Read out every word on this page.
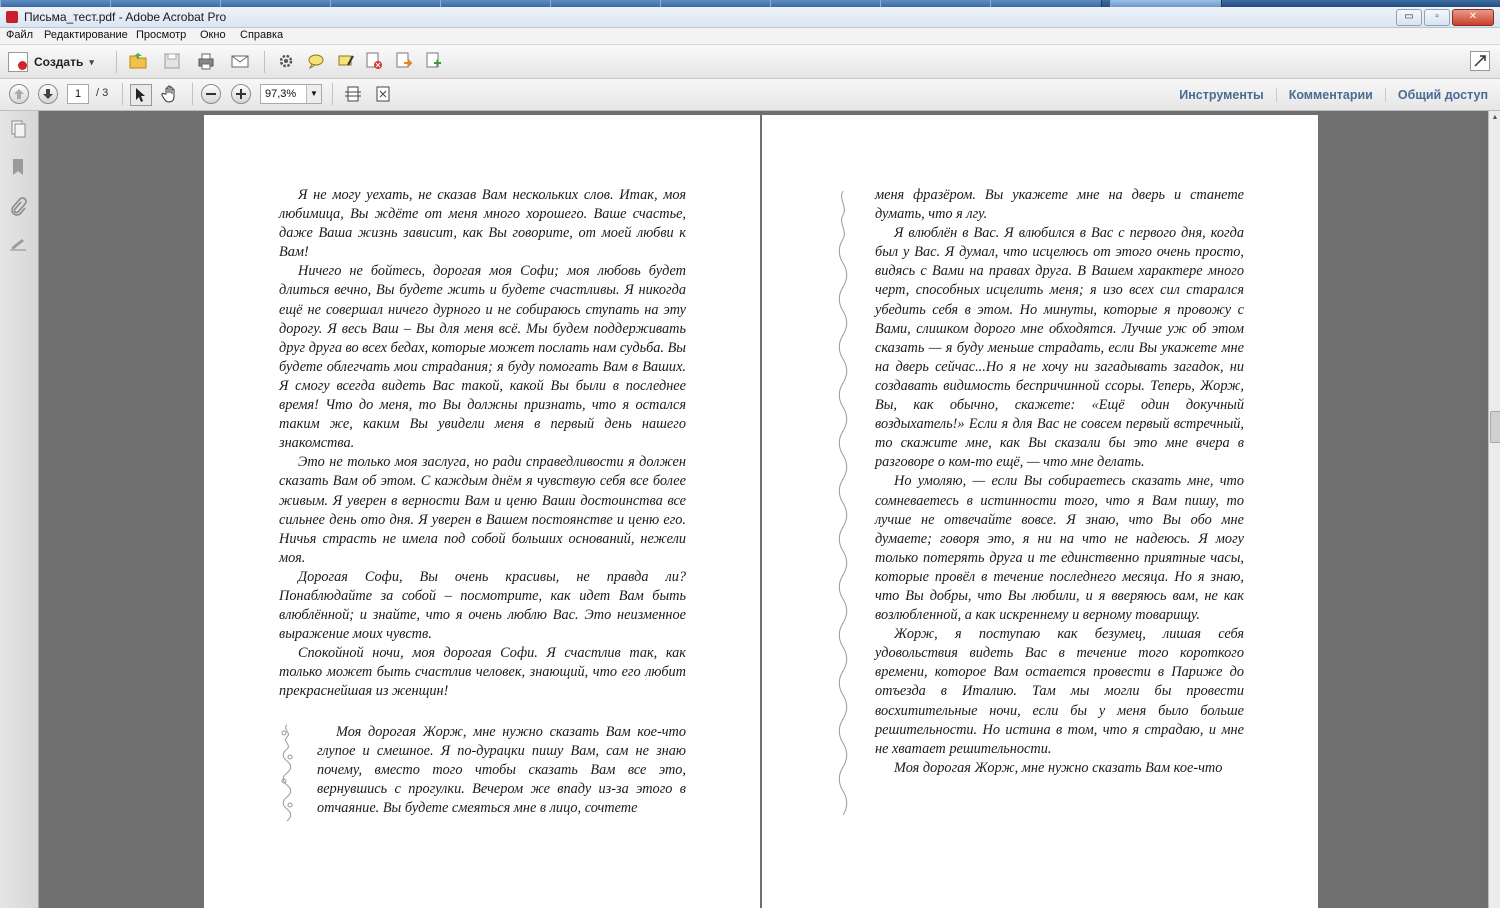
Письма_тест.pdf - Adobe Acrobat Pro	▭	▫	✕
Файл Редактирование Просмотр Окно Справка
Создать ▾
1	/ 3	97,3%	▼	Инструменты	Комментарии	Общий доступ

Я не могу уехать, не сказав Вам нескольких слов. Итак, моя любимица, Вы ждёте от меня много хорошего. Ваше счастье, даже Ваша жизнь зависит, как Вы говорите, от моей любви к Вам!

Ничего не бойтесь, дорогая моя Софи; моя любовь будет длиться вечно, Вы будете жить и будете счастливы. Я никогда ещё не совершал ничего дурного и не собираюсь ступать на эту дорогу. Я весь Ваш – Вы для меня всё. Мы будем поддерживать друг друга во всех бедах, которые может послать нам судьба. Вы будете облегчать мои страдания; я буду помогать Вам в Ваших. Я смогу всегда видеть Вас такой, какой Вы были в последнее время! Что до меня, то Вы должны признать, что я остался таким же, каким Вы увидели меня в первый день нашего знакомства.

Это не только моя заслуга, но ради справедливости я должен сказать Вам об этом. С каждым днём я чувствую себя все более живым. Я уверен в верности Вам и ценю Ваши достоинства все сильнее день ото дня. Я уверен в Вашем постоянстве и ценю его. Ничья страсть не имела под собой больших оснований, нежели моя.

Дорогая Софи, Вы очень красивы, не правда ли? Понаблюдайте за собой – посмотрите, как идет Вам быть влюблённой; и знайте, что я очень люблю Вас. Это неизменное выражение моих чувств.

Спокойной ночи, моя дорогая Софи. Я счастлив так, как только может быть счастлив человек, знающий, что его любит прекраснейшая из женщин!

Моя дорогая Жорж, мне нужно сказать Вам кое-что глупое и смешное. Я по-дурацки пишу Вам, сам не знаю почему, вместо того чтобы сказать Вам все это, вернувшись с прогулки. Вечером же впаду из-за этого в отчаяние. Вы будете смеяться мне в лицо, сочтете

меня фразёром. Вы укажете мне на дверь и станете думать, что я лгу.

Я влюблён в Вас. Я влюбился в Вас с первого дня, когда был у Вас. Я думал, что исцелюсь от этого очень просто, видясь с Вами на правах друга. В Вашем характере много черт, способных исцелить меня; я изо всех сил старался убедить себя в этом. Но минуты, которые я провожу с Вами, слишком дорого мне обходятся. Лучше уж об этом сказать — я буду меньше страдать, если Вы укажете мне на дверь сейчас...Но я не хочу ни загадывать загадок, ни создавать видимость беспричинной ссоры. Теперь, Жорж, Вы, как обычно, скажете: «Ещё один докучный воздыхатель!» Если я для Вас не совсем первый встречный, то скажите мне, как Вы сказали бы это мне вчера в разговоре о ком-то ещё, — что мне делать.

Но умоляю, — если Вы собираетесь сказать мне, что сомневаетесь в истинности того, что я Вам пишу, то лучше не отвечайте вовсе. Я знаю, что Вы обо мне думаете; говоря это, я ни на что не надеюсь. Я могу только потерять друга и те единственно приятные часы, которые провёл в течение последнего месяца. Но я знаю, что Вы добры, что Вы любили, и я вверяюсь вам, не как возлюбленной, а как искреннему и верному товарищу.

Жорж, я поступаю как безумец, лишая себя удовольствия видеть Вас в течение того короткого времени, которое Вам остается провести в Париже до отъезда в Италию. Там мы могли бы провести восхитительные ночи, если бы у меня было больше решительности. Но истина в том, что я страдаю, и мне не хватает решительности.

Моя дорогая Жорж, мне нужно сказать Вам кое-что

▲
